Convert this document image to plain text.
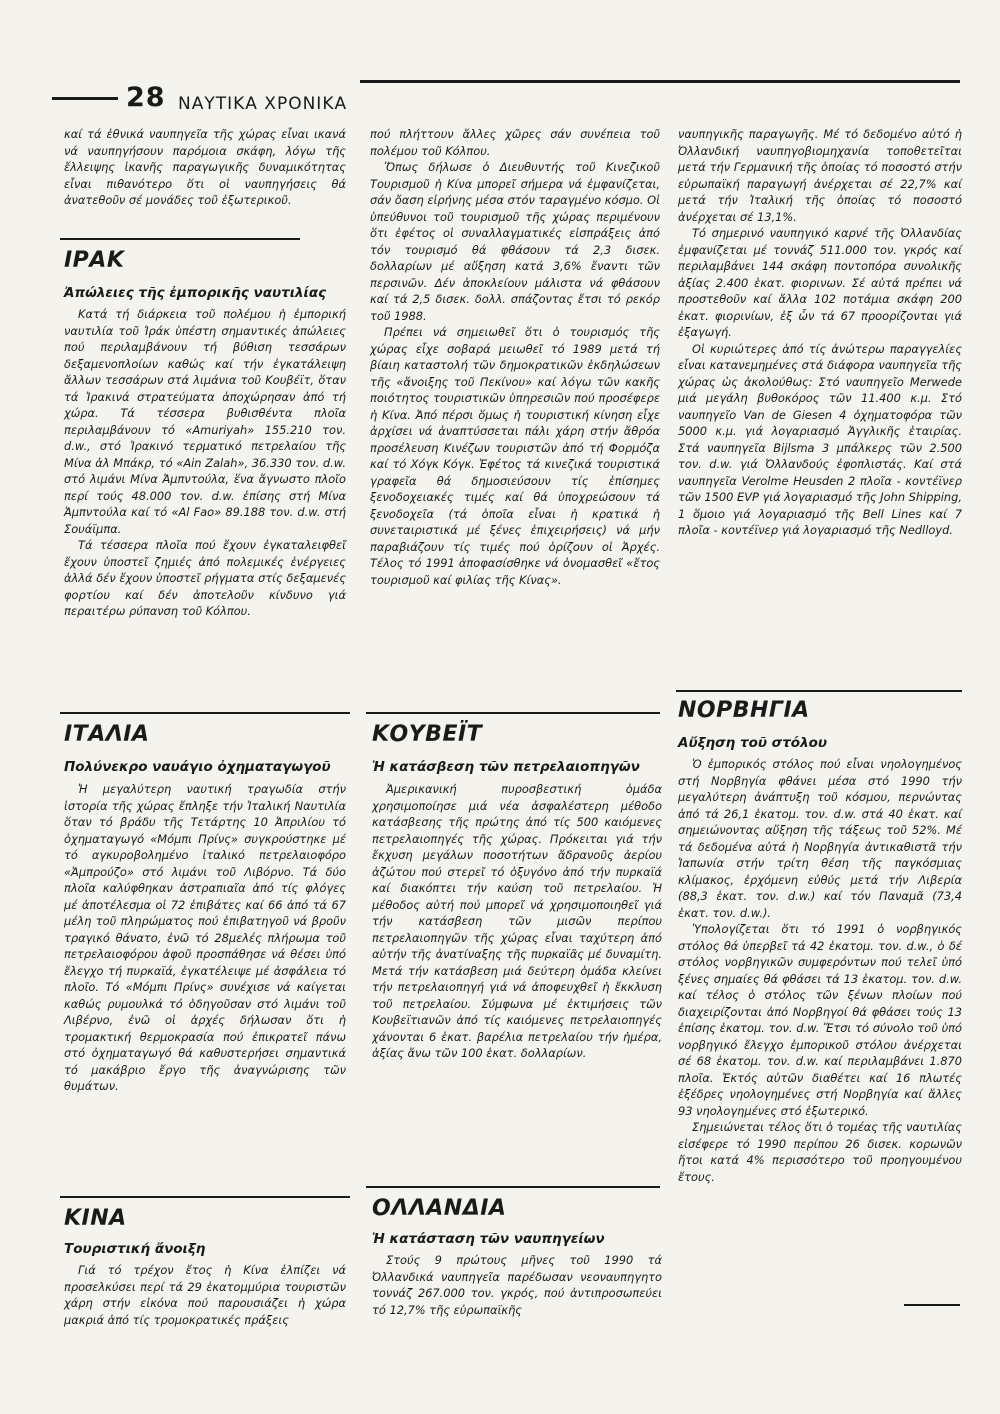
28 ΝΑΥΤΙΚΑ ΧΡΟΝΙΚΑ

καί τά ἐθνικά ναυπηγεῖα τῆς χώρας εἶναι ικανά νά ναυπηγήσουν παρόμοια σκάφη, λόγω τῆς ἔλλειψης ἱκανῆς παραγωγικῆς δυναμικότητας εἶναι πιθανότερο ὅτι οἱ ναυπηγήσεις θά ἀνατεθοῦν σέ μονάδες τοῦ ἐξωτερικοῦ.

ΙΡΑΚ
Ἀπώλειες τῆς ἐμπορικῆς ναυτιλίας

Κατά τή διάρκεια τοῦ πολέμου ἡ ἐμπορική ναυτιλία τοῦ Ἰράκ ὑπέστη σημαντικές ἀπώλειες πού περιλαμβάνουν τή βύθιση τεσσάρων δεξαμενοπλοίων καθώς καί τήν ἐγκατάλειψη ἄλλων τεσσάρων στά λιμάνια τοῦ Κουβέϊτ, ὅταν τά Ἰρακινά στρατεύματα ἀποχώρησαν ἀπό τή χώρα. Τά τέσσερα βυθισθέντα πλοῖα περιλαμβάνουν τό «Amuriyah» 155.210 τον. d.w., στό Ἰρακινό τερματικό πετρελαίου τῆς Μίνα ἀλ Μπάκρ, τό «Ain Zalah», 36.330 τον. d.w. στό λιμάνι Μίνα Ἀμπντούλα, ἕνα ἄγνωστο πλοῖο περί τούς 48.000 τον. d.w. ἐπίσης στή Μίνα Ἀμπντούλα καί τό «Al Fao» 89.188 τον. d.w. στή Σουάϊμπα.

Τά τέσσερα πλοῖα πού ἔχουν ἐγκαταλειφθεῖ ἔχουν ὑποστεῖ ζημιές ἀπό πολεμικές ἐνέργειες ἀλλά δέν ἔχουν ὑποστεῖ ρήγματα στίς δεξαμενές φορτίου καί δέν ἀποτελοῦν κίνδυνο γιά περαιτέρω ρύπανση τοῦ Κόλπου.

ΙΤΑΛΙΑ
Πολύνεκρο ναυάγιο ὀχηματαγωγοῦ

Ἡ μεγαλύτερη ναυτική τραγωδία στήν ἱστορία τῆς χώρας ἔπληξε τήν Ἰταλική Ναυτιλία ὅταν τό βράδυ τῆς Τετάρτης 10 Ἀπριλίου τό ὀχηματαγωγό «Μόμπι Πρίνς» συγκρούστηκε μέ τό αγκυροβολημένο ἰταλικό πετρελαιοφόρο «Ἀμπρούζο» στό λιμάνι τοῦ Λιβόρνο. Τά δύο πλοῖα καλύφθηκαν ἀστραπιαῖα ἀπό τίς φλόγες μέ ἀποτέλεσμα οἱ 72 ἐπιβάτες καί 66 ἀπό τά 67 μέλη τοῦ πληρώματος πού ἐπιβατηγοῦ νά βροῦν τραγικό θάνατο, ἐνῶ τό 28μελές πλήρωμα τοῦ πετρελαιοφόρου ἀφοῦ προσπάθησε νά θέσει ὑπό ἔλεγχο τή πυρκαϊά, ἐγκατέλειψε μέ ἀσφάλεια τό πλοῖο. Τό «Μόμπι Πρίνς» συνέχισε νά καίγεται καθώς ρυμουλκά τό ὁδηγοῦσαν στό λιμάνι τοῦ Λιβέρνο, ἐνῶ οἱ ἀρχές δήλωσαν ὅτι ἡ τρομακτική θερμοκρασία πού ἐπικρατεῖ πάνω στό ὀχηματαγωγό θά καθυστερήσει σημαντικά τό μακάβριο ἔργο τῆς ἀναγνώρισης τῶν θυμάτων.

ΚΙΝΑ
Τουριστική ἄνοιξη

Γιά τό τρέχον ἔτος ἡ Κίνα ἐλπίζει νά προσελκύσει περί τά 29 ἑκατομμύρια τουριστῶν χάρη στήν εἰκόνα πού παρουσιάζει ἡ χώρα μακριά ἀπό τίς τρομοκρατικές πράξεις

πού πλήττουν ἄλλες χῶρες σάν συνέπεια τοῦ πολέμου τοῦ Κόλπου.

Ὅπως δήλωσε ὁ Διευθυντής τοῦ Κινεζικοῦ Τουρισμοῦ ἡ Κίνα μπορεῖ σήμερα νά ἐμφανίζεται, σάν ὄαση εἰρήνης μέσα στόν ταραγμένο κόσμο. Οἱ ὑπεύθυνοι τοῦ τουρισμοῦ τῆς χώρας περιμένουν ὅτι ἐφέτος οἱ συναλλαγματικές εἰσπράξεις ἀπό τόν τουρισμό θά φθάσουν τά 2,3 δισεκ. δολλαρίων μέ αὔξηση κατά 3,6% ἔναντι τῶν περσινῶν. Δέν ἀποκλείουν μάλιστα νά φθάσουν καί τά 2,5 δισεκ. δολλ. σπάζοντας ἔτσι τό ρεκόρ τοῦ 1988.

Πρέπει νά σημειωθεῖ ὅτι ὁ τουρισμός τῆς χώρας εἶχε σοβαρά μειωθεῖ τό 1989 μετά τή βίαιη καταστολή τῶν δημοκρατικῶν ἐκδηλώσεων τῆς «ἄνοιξης τοῦ Πεκίνου» καί λόγω τῶν κακῆς ποιότητος τουριστικῶν ὑπηρεσιῶν πού προσέφερε ἡ Κίνα. Ἀπό πέρσι ὅμως ἡ τουριστική κίνηση εἶχε ἀρχίσει νά ἀναπτύσσεται πάλι χάρη στήν ἄθρόα προσέλευση Κινέζων τουριστῶν ἀπό τή Φορμόζα καί τό Χόγκ Κόγκ. Ἐφέτος τά κινεζικά τουριστικά γραφεῖα θά δημοσιεύσουν τίς ἐπίσημες ξενοδοχειακές τιμές καί θά ὑποχρεώσουν τά ξενοδοχεῖα (τά ὁποῖα εἶναι ἡ κρατικά ἡ συνεταιριστικά μέ ξένες ἐπιχειρήσεις) νά μήν παραβιάζουν τίς τιμές πού ὁρίζουν οἱ Ἀρχές. Τέλος τό 1991 ἀποφασίσθηκε νά ὀνομασθεῖ «ἔτος τουρισμοῦ καί φιλίας τῆς Κίνας».

ΚΟΥΒΕΪΤ
Ἡ κατάσβεση τῶν πετρελαιοπηγῶν

Ἀμερικανική πυροσβεστική ὁμάδα χρησιμοποίησε μιά νέα ἀσφαλέστερη μέθοδο κατάσβεσης τῆς πρώτης ἀπό τίς 500 καιόμενες πετρελαιοπηγές τῆς χώρας. Πρόκειται γιά τήν ἔκχυση μεγάλων ποσοτήτων ἄδρανοῦς ἀερίου ἀζώτου πού στερεῖ τό ὀξυγόνο ἀπό τήν πυρκαϊά καί διακόπτει τήν καύση τοῦ πετρελαίου. Ἡ μέθοδος αὐτή πού μπορεῖ νά χρησιμοποιηθεῖ γιά τήν κατάσβεση τῶν μισῶν περίπου πετρελαιοπηγῶν τῆς χώρας εἶναι ταχύτερη ἀπό αὐτήν τῆς ἀνατίναξης τῆς πυρκαϊᾶς μέ δυναμίτη. Μετά τήν κατάσβεση μιά δεύτερη ὁμάδα κλείνει τήν πετρελαιοπηγή γιά νά ἀποφευχθεῖ ἡ ἔκκλυση τοῦ πετρελαίου. Σύμφωνα μέ ἐκτιμήσεις τῶν Κουβεϊτιανῶν ἀπό τίς καιόμενες πετρελαιοπηγές χάνονται 6 ἑκατ. βαρέλια πετρελαίου τήν ἡμέρα, ἀξίας ἄνω τῶν 100 ἑκατ. δολλαρίων.

ΟΛΛΑΝΔΙΑ
Ἡ κατάσταση τῶν ναυπηγείων

Στούς 9 πρώτους μῆνες τοῦ 1990 τά Ὀλλανδικά ναυπηγεῖα παρέδωσαν νεοναυπηγητο τοννάζ 267.000 τον. γκρός, πού ἀντιπροσωπεύει τό 12,7% τῆς εὐρωπαϊκῆς

ναυπηγικῆς παραγωγῆς. Μέ τό δεδομένο αὐτό ἡ Ὀλλανδική ναυπηγοβιομηχανία τοποθετεῖται μετά τήν Γερμανική τῆς ὁποίας τό ποσοστό στήν εὐρωπαϊκή παραγωγή ἀνέρχεται σέ 22,7% καί μετά τήν Ἰταλική τῆς ὁποίας τό ποσοστό ἀνέρχεται σέ 13,1%.

Τό σημερινό ναυπηγικό καρνέ τῆς Ὀλλανδίας ἐμφανίζεται μέ τοννάζ 511.000 τον. γκρός καί περιλαμβάνει 144 σκάφη ποντοπόρα συνολικῆς ἀξίας 2.400 ἑκατ. φιορινων. Σέ αὐτά πρέπει νά προστεθοῦν καί ἄλλα 102 ποτάμια σκάφη 200 ἑκατ. φιορινίων, ἐξ ὧν τά 67 προορίζονται γιά ἐξαγωγή.

Οἱ κυριώτερες ἀπό τίς ἀνώτερω παραγγελίες εἶναι κατανεμημένες στά διάφορα ναυπηγεῖα τῆς χώρας ὡς ἀκολούθως: Στό ναυπηγεῖο Merwede μιά μεγάλη βυθοκόρος τῶν 11.400 κ.μ. Στό ναυπηγεῖο Van de Giesen 4 ὀχηματοφόρα τῶν 5000 κ.μ. γιά λογαριασμό Ἀγγλικῆς ἑταιρίας. Στά ναυπηγεῖα Bijlsma 3 μπάλκερς τῶν 2.500 τον. d.w. γιά Ὀλλανδούς ἐφοπλιστάς. Καί στά ναυπηγεῖα Verolme Heusden 2 πλοῖα - κοντέϊνερ τῶν 1500 EVP γιά λογαριασμό τῆς John Shipping, 1 ὅμοιο γιά λογαριασμό τῆς Bell Lines καί 7 πλοῖα - κοντέϊνερ γιά λογαριασμό τῆς Nedlloyd.

ΝΟΡΒΗΓΙΑ
Αὔξηση τοῦ στόλου

Ὁ ἐμπορικός στόλος πού εἶναι νηολογημένος στή Νορβηγία φθάνει μέσα στό 1990 τήν μεγαλύτερη ἀνάπτυξη τοῦ κόσμου, περνώντας ἀπό τά 26,1 ἑκατομ. τον. d.w. στά 40 ἑκατ. καί σημειώνοντας αὔξηση τῆς τάξεως τοῦ 52%. Μέ τά δεδομένα αὐτά ἡ Νορβηγία ἀντικαθιστᾶ τήν Ἰαπωνία στήν τρίτη θέση τῆς παγκόσμιας κλίμακος, ἐρχόμενη εὐθύς μετά τήν Λιβερία (88,3 ἑκατ. τον. d.w.) καί τόν Παναμᾶ (73,4 ἑκατ. τον. d.w.).

Ὑπολογίζεται ὅτι τό 1991 ὁ νορβηγικός στόλος θά ὑπερβεῖ τά 42 ἑκατομ. τον. d.w., ὁ δέ στόλος νορβηγικῶν συμφερόντων πού τελεῖ ὑπό ξένες σημαίες θά φθάσει τά 13 ἑκατομ. τον. d.w. καί τέλος ὁ στόλος τῶν ξένων πλοίων πού διαχειρίζονται ἀπό Νορβηγοί θά φθάσει τούς 13 ἐπίσης ἑκατομ. τον. d.w. Ἔτσι τό σύνολο τοῦ ὑπό νορβηγικό ἔλεγχο ἐμπορικοῦ στόλου ἀνέρχεται σέ 68 ἑκατομ. τον. d.w. καί περιλαμβάνει 1.870 πλοῖα. Ἐκτός αὐτῶν διαθέτει καί 16 πλωτές ἐξέδρες νηολογημένες στή Νορβηγία καί ἄλλες 93 νηολογημένες στό ἐξωτερικό.

Σημειώνεται τέλος ὅτι ὁ τομέας τῆς ναυτιλίας εἰσέφερε τό 1990 περίπου 26 δισεκ. κορωνῶν ἤτοι κατά 4% περισσότερο τοῦ προηγουμένου ἔτους.
